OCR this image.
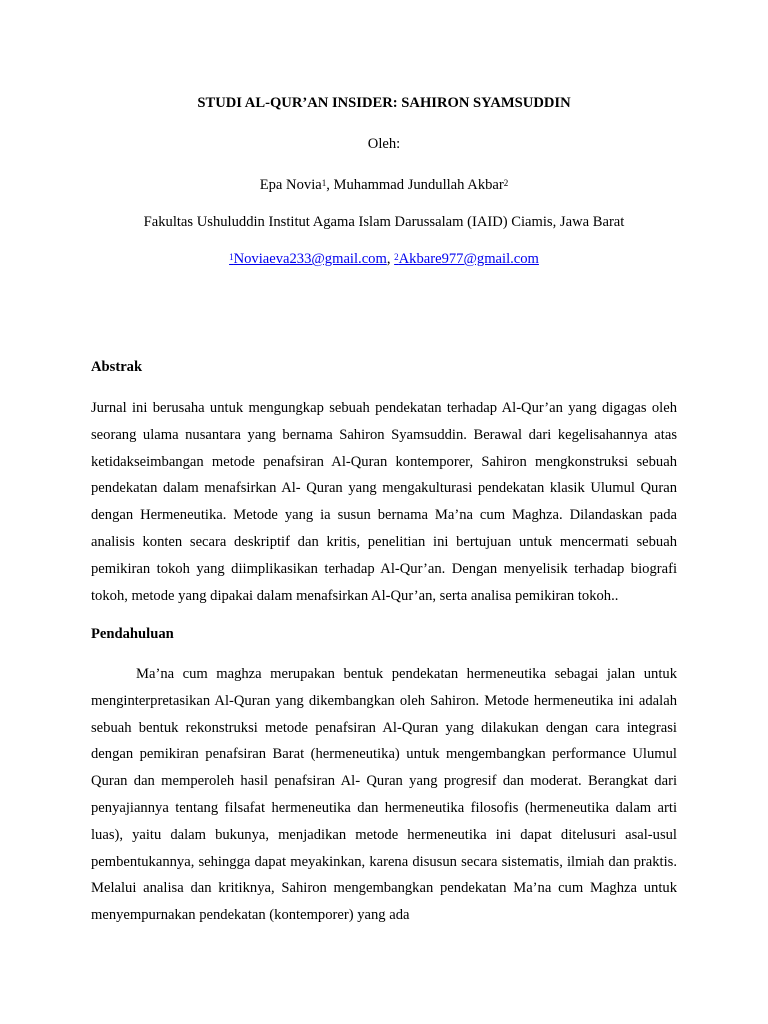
STUDI AL-QUR’AN INSIDER: SAHIRON SYAMSUDDIN
Oleh:
Epa Novia$^1$, Muhammad Jundullah Akbar$^2$
Fakultas Ushuluddin Institut Agama Islam Darussalam (IAID) Ciamis, Jawa Barat
$^1$Noviaeva233@gmail.com, $^2$Akbare977@gmail.com
Abstrak

Jurnal ini berusaha untuk mengungkap sebuah pendekatan terhadap Al-Qur’an yang digagas oleh seorang ulama nusantara yang bernama Sahiron Syamsuddin. Berawal dari kegelisahannya atas ketidakseimbangan metode penafsiran Al-Quran kontemporer, Sahiron mengkonstruksi sebuah pendekatan dalam menafsirkan Al- Quran yang mengakulturasi pendekatan klasik Ulumul Quran dengan Hermeneutika. Metode yang ia susun bernama Ma’na cum Maghza. Dilandaskan pada analisis konten secara deskriptif dan kritis, penelitian ini bertujuan untuk mencermati sebuah pemikiran tokoh yang diimplikasikan terhadap Al-Qur’an. Dengan menyelisik terhadap biografi tokoh, metode yang dipakai dalam menafsirkan Al-Qur’an, serta analisa pemikiran tokoh..

Pendahuluan

Ma’na cum maghza merupakan bentuk pendekatan hermeneutika sebagai jalan untuk menginterpretasikan Al-Quran yang dikembangkan oleh Sahiron. Metode hermeneutika ini adalah sebuah bentuk rekonstruksi metode penafsiran Al-Quran yang dilakukan dengan cara integrasi dengan pemikiran penafsiran Barat (hermeneutika) untuk mengembangkan performance Ulumul Quran dan memperoleh hasil penafsiran Al- Quran yang progresif dan moderat. Berangkat dari penyajiannya tentang filsafat hermeneutika dan hermeneutika filosofis (hermeneutika dalam arti luas), yaitu dalam bukunya, menjadikan metode hermeneutika ini dapat ditelusuri asal-usul pembentukannya, sehingga dapat meyakinkan, karena disusun secara sistematis, ilmiah dan praktis. Melalui analisa dan kritiknya, Sahiron mengembangkan pendekatan Ma’na cum Maghza untuk menyempurnakan pendekatan (kontemporer) yang ada
